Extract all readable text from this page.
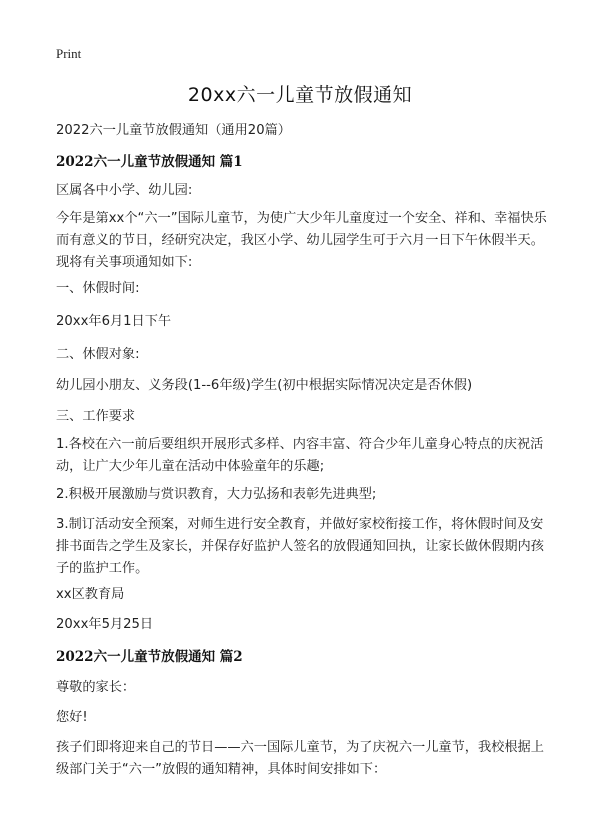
Print
20xx六一儿童节放假通知
2022六一儿童节放假通知（通用20篇）
2022六一儿童节放假通知 篇1
区属各中小学、幼儿园:
今年是第xx个“六一”国际儿童节，为使广大少年儿童度过一个安全、祥和、幸福快乐而有意义的节日，经研究决定，我区小学、幼儿园学生可于六月一日下午休假半天。现将有关事项通知如下:
一、休假时间:
20xx年6月1日下午
二、休假对象:
幼儿园小朋友、义务段(1--6年级)学生(初中根据实际情况决定是否休假)
三、工作要求
1.各校在六一前后要组织开展形式多样、内容丰富、符合少年儿童身心特点的庆祝活动，让广大少年儿童在活动中体验童年的乐趣;
2.积极开展激励与赏识教育，大力弘扬和表彰先进典型;
3.制订活动安全预案，对师生进行安全教育，并做好家校衔接工作，将休假时间及安排书面告之学生及家长，并保存好监护人签名的放假通知回执，让家长做休假期内孩子的监护工作。
xx区教育局
20xx年5月25日
2022六一儿童节放假通知 篇2
尊敬的家长：
您好!
孩子们即将迎来自己的节日——六一国际儿童节，为了庆祝六一儿童节，我校根据上级部门关于“六一”放假的通知精神，具体时间安排如下：
